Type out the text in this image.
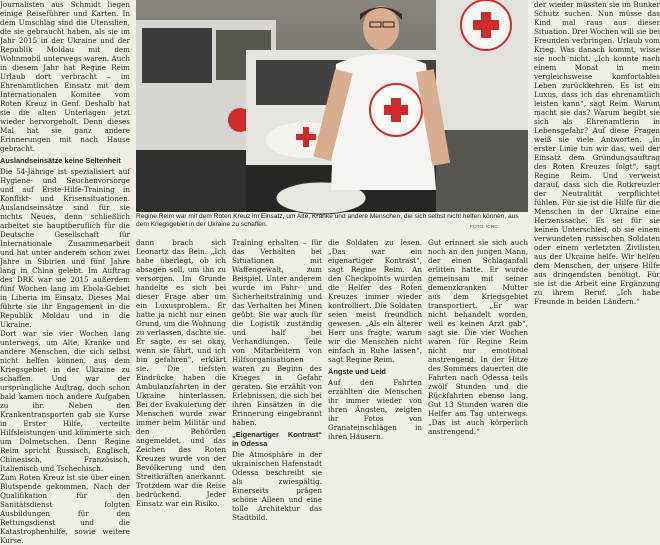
Journalisten aus Schmidt liegen einige Reiseführer und Karten. In dem Umschlag sind die Utensilien, die sie gebraucht haben, als sie im Jahr 2015 in der Ukraine und der Republik Moldau mit dem Wohnmobil unterwegs waren. Auch in diesem Jahr hat Regine Reim Urlaub dort verbracht – im Ehrenamtlichen Einsatz mit dem Internationalen Komitee vom Roten Kreuz in Genf. Deshalb hat sie die alten Unterlagen jetzt wieder hervorgeholt. Denn dieses Mal hat sie ganz andere Erinnerungen mit nach Hause gebracht.

Auslandseinsätze keine Seltenheit

Die 54-Jährige ist spezialisiert auf Hygiene- und Seuchenvorsorge und auf Erste-Hilfe-Training in Konflikt- und Krisensituationen. Auslandseinsätze sind für sie nichts Neues, denn schließlich arbeitet sie hauptberuflich für die Deutsche Gesellschaft für Internationale Zusammenarbeit und hat unter anderem schon zwei Jahre in Sibirien und fünf Jahre lang in China gelebt. Im Auftrag des DRK war sie 2015 außerdem fünf Wochen lang im Ebola-Gebiet in Liberia im Einsatz. Dieses Mal führte sie ihr Engagement in die Republik Moldau und in die Ukraine.

Dort war sie vier Wochen lang unterwegs, um Alte, Kranke und andere Menschen, die sich selbst nicht helfen können, aus dem Kriegsgebiet in der Ukraine zu schaffen. Und war der ursprüngliche Auftrag, doch schon bald kamen noch andere Aufgaben zu ihr. Neben den Krankentransporten gab sie Kurse in Erster Hilfe, verteilte Hilfsleistungen und kümmerte sich um Dolmetschen. Denn Regine Reim spricht Russisch, Englisch, Chinesisch, Französisch, Italienisch und Tschechisch.

Zum Roten Kreuz ist sie über einen Blutspende gekommen. Nach der Qualifikation für den Sanitätsdienst folgten Ausbildungen für den Rettungsdienst und die Katastrophenhilfe, sowie weitere Kurse.

Regine Reim war mit dem Roten Kreuz im Einsatz, um Alte, Kranke und andere Menschen, die sich selbst nicht helfen können, aus dem Kriegsgebiet in der Ukraine zu schaffen.	FOTO: ICRC

dann brach sich Leonartz das Bein. „Ich habe überlegt, ob ich absagen soll, um ihn zu versorgen. Im Grunde handelte es sich bei dieser Frage aber um ein Luxusproblem. Er hatte ja nicht nur einen Grund, um die Wohnung zu verlassen, dachte sie. Er sagte, es sei okay, wenn sie fährt, und ich bin gefahren“, erklärt sie. Die tiefsten Eindrücke haben die Ambulanzfahrten in der Ukraine hinterlassen. Bei der Evakuierung der Menschen wurde zwar immer beim Militär und den Behörden angemeldet, und das Zeichen des Roten Kreuzes wurde von der Bevölkerung und den Streitkräften anerkannt. Trotzdem war die Reise bedrückend. Jeder Einsatz war ein Risiko.

Training erhalten – für das Verhalten bei Situationen mit Waffengewalt, zum Beispiel. Unter anderem wurde im Fahr- und Sicherheitstraining und das Verhalten bei Minen geübt. Sie war auch für die Logistik zuständig und half bei Verhandlungen. Teile von Mitarbeitern von Hilfsorganisationen waren zu Beginn des Krieges in Gefahr geraten. Sie erzählt von Erlebnissen, die sich bei ihren Einsätzen in die Erinnerung eingebrannt haben.

„Eigenartiger Kontrast“ in Odessa

Die Atmosphäre in der ukrainischen Hafenstadt Odessa beschreibt sie als zwiespältig. Einerseits prägen schöne Alleen und eine tolle Architektur das Stadtbild.

die Soldaten zu lesen. „Das war ein eigenartiger Kontrast“, sagt Regine Reim. An den Checkpoints wurden die Helfer des Roten Kreuzes immer wieder kontrolliert. Die Soldaten seien meist freundlich gewesen. „Als ein älterer Herr uns fragte, warum wir die Menschen nicht einfach in Ruhe lassen“, sagt Regine Reim.

Ängste und Leid

Auf den Fahrten erzählten die Menschen ihr immer wieder von ihren Ängsten, zeigten ihr Fotos von Granateinschlägen in ihren Häusern.

Gut erinnert sie sich auch noch an den jungen Mann, der einen Schlaganfall erlitten hatte. Er wurde gemeinsam mit seiner demenzkranken Mutter aus dem Kriegsgebiet transportiert. „Er war nicht behandelt worden, weil es keinen Arzt gab“, sagt sie. Die vier Wochen waren für Regine Reim nicht nur emotional anstrengend. In der Hitze des Sommers dauerten die Fahrten nach Odessa teils zwölf Stunden und die Rückfahrten ebenso lang. Gut 13 Stunden waren die Helfer am Tag unterwegs. „Das ist auch körperlich anstrengend.“

der wieder müssten sie im Bunker Schutz suchen. Nun müsse das Kind mal raus aus dieser Situation. Drei Wochen will sie bei Freunden verbringen. Urlaub vom Krieg. Was danach kommt, wisse sie noch nicht. „Ich konnte nach einem Monat in mein vergleichsweise komfortables Leben zurückkehren. Es ist ein Luxus, dass ich das ehrenamtlich leisten kann“, sagt Reim. Warum macht sie das? Warum begibt sie sich als Ehrenamtlerin in Lebensgefahr? Auf diese Fragen weiß sie viele Antworten. „In erster Linie tun wir das, weil der Einsatz dem Gründungsauftrag des Roten Kreuzes folgt“, sagt Regine Reim. Und verweist darauf, dass sich die Rotkreuzler der Neutralität verpflichtet fühlen. Für sie ist die Hilfe für die Menschen in der Ukraine eine Herzenssache. Es sei für sie keinen Unterschied, ob sie einem verwundeten russischen Soldaten oder einem verletzten Zivilisten aus der Ukraine helfe. Wir helfen dem Menschen, der unsere Hilfe aus dringendsten benötigt. Für sie ist die Arbeit eine Ergänzung zu ihrem Beruf. „Ich habe Freunde in beiden Ländern.“
